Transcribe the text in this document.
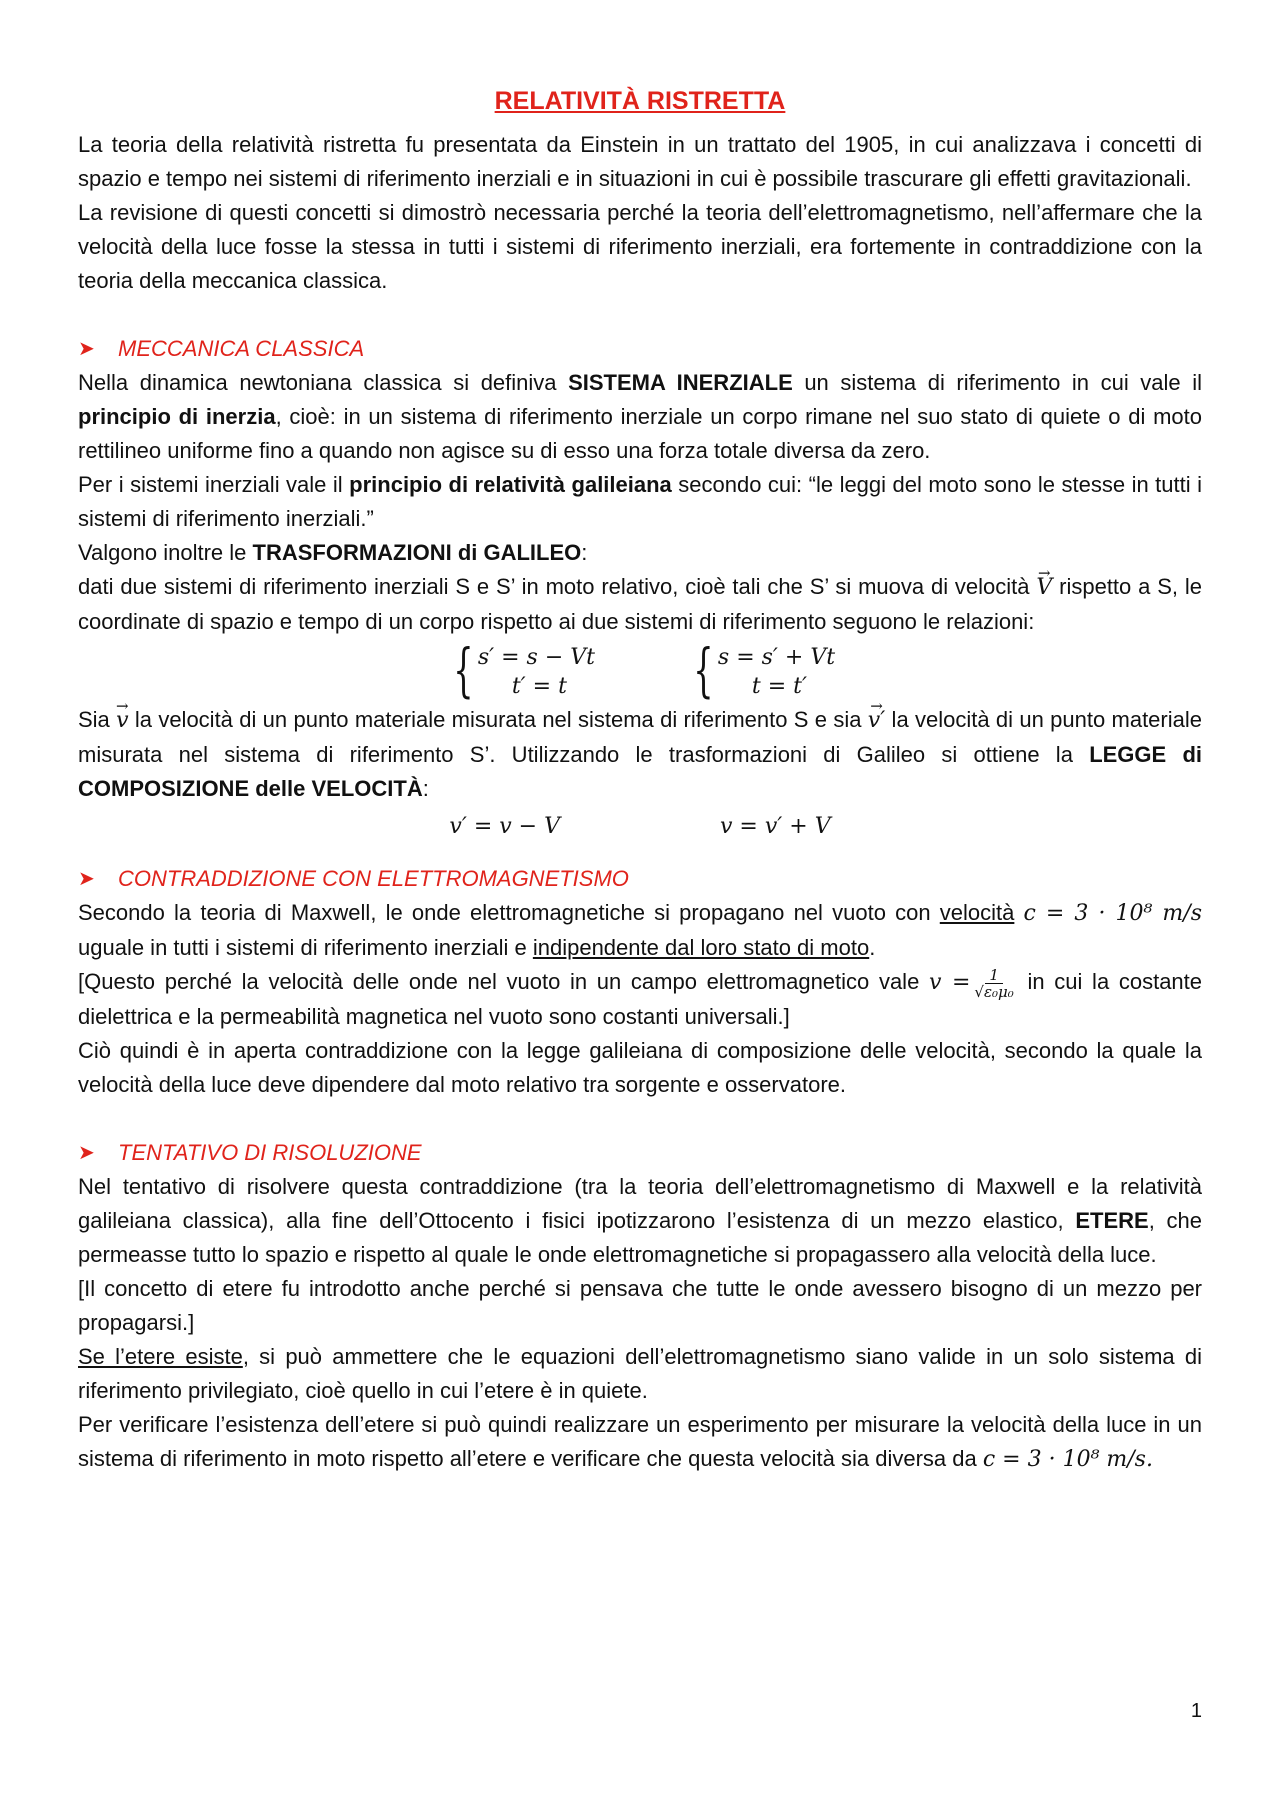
RELATIVITÀ RISTRETTA

La teoria della relatività ristretta fu presentata da Einstein in un trattato del 1905, in cui analizzava i concetti di spazio e tempo nei sistemi di riferimento inerziali e in situazioni in cui è possibile trascurare gli effetti gravitazionali.

La revisione di questi concetti si dimostrò necessaria perché la teoria dell’elettromagnetismo, nell’affermare che la velocità della luce fosse la stessa in tutti i sistemi di riferimento inerziali, era fortemente in contraddizione con la teoria della meccanica classica.

➤	MECCANICA CLASSICA

Nella dinamica newtoniana classica si definiva SISTEMA INERZIALE un sistema di riferimento in cui vale il principio di inerzia, cioè: in un sistema di riferimento inerziale un corpo rimane nel suo stato di quiete o di moto rettilineo uniforme fino a quando non agisce su di esso una forza totale diversa da zero.

Per i sistemi inerziali vale il principio di relatività galileiana secondo cui: “le leggi del moto sono le stesse in tutti i sistemi di riferimento inerziali.”

Valgono inoltre le TRASFORMAZIONI di GALILEO:

dati due sistemi di riferimento inerziali S e S’ in moto relativo, cioè tali che S’ si muova di velocità V → rispetto a S, le coordinate di spazio e tempo di un corpo rispetto ai due sistemi di riferimento seguono le relazioni:

{ s′ = s − Vt
t′ = t	{ s = s′ + Vt
t = t′

Sia v → la velocità di un punto materiale misurata nel sistema di riferimento S e sia v′ → la velocità di un punto materiale misurata nel sistema di riferimento S’. Utilizzando le trasformazioni di Galileo si ottiene la LEGGE di COMPOSIZIONE delle VELOCITÀ:

v′ = v − V	v = v′ + V
➤	CONTRADDIZIONE CON ELETTROMAGNETISMO

Secondo la teoria di Maxwell, le onde elettromagnetiche si propagano nel vuoto con velocità c = 3 · 10⁸ m/s uguale in tutti i sistemi di riferimento inerziali e indipendente dal loro stato di moto.

[Questo perché la velocità delle onde nel vuoto in un campo elettromagnetico vale $v = \frac{1}{\text{√ε₀μ₀}}$ in cui la costante dielettrica e la permeabilità magnetica nel vuoto sono costanti universali.]

Ciò quindi è in aperta contraddizione con la legge galileiana di composizione delle velocità, secondo la quale la velocità della luce deve dipendere dal moto relativo tra sorgente e osservatore.

➤	TENTATIVO DI RISOLUZIONE

Nel tentativo di risolvere questa contraddizione (tra la teoria dell’elettromagnetismo di Maxwell e la relatività galileiana classica), alla fine dell’Ottocento i fisici ipotizzarono l’esistenza di un mezzo elastico, ETERE, che permeasse tutto lo spazio e rispetto al quale le onde elettromagnetiche si propagassero alla velocità della luce.

[Il concetto di etere fu introdotto anche perché si pensava che tutte le onde avessero bisogno di un mezzo per propagarsi.]

Se l’etere esiste, si può ammettere che le equazioni dell’elettromagnetismo siano valide in un solo sistema di riferimento privilegiato, cioè quello in cui l’etere è in quiete.

Per verificare l’esistenza dell’etere si può quindi realizzare un esperimento per misurare la velocità della luce in un sistema di riferimento in moto rispetto all’etere e verificare che questa velocità sia diversa da c = 3 · 10⁸ m/s.

1
